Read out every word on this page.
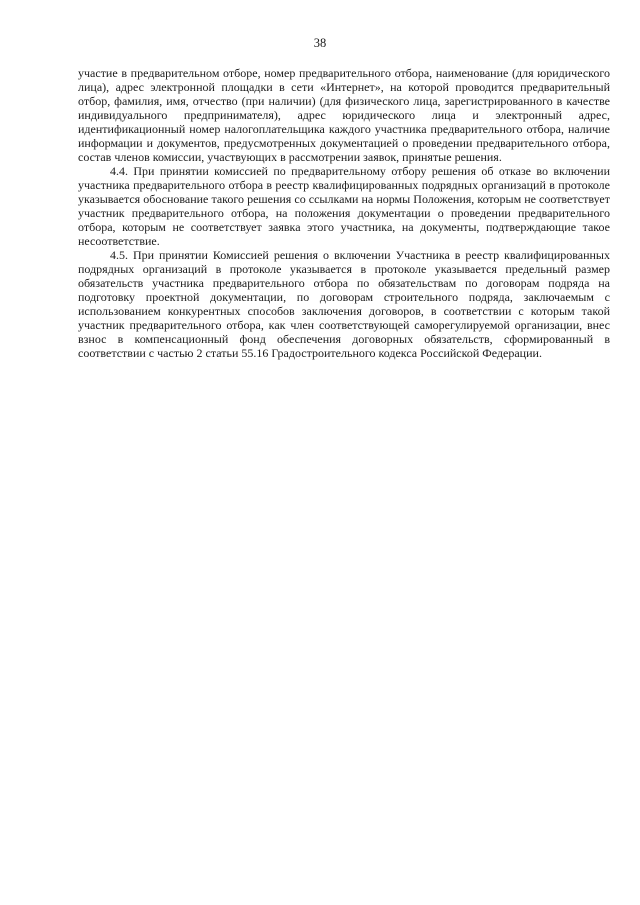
38

участие в предварительном отборе, номер предварительного отбора, наименование (для юридического лица), адрес электронной площадки в сети «Интернет», на которой проводится предварительный отбор, фамилия, имя, отчество (при наличии) (для физического лица, зарегистрированного в качестве индивидуального предпринимателя), адрес юридического лица и электронный адрес, идентификационный номер налогоплательщика каждого участника предварительного отбора, наличие информации и документов, предусмотренных документацией о проведении предварительного отбора, состав членов комиссии, участвующих в рассмотрении заявок, принятые решения.

4.4. При принятии комиссией по предварительному отбору решения об отказе во включении участника предварительного отбора в реестр квалифицированных подрядных организаций в протоколе указывается обоснование такого решения со ссылками на нормы Положения, которым не соответствует участник предварительного отбора, на положения документации о проведении предварительного отбора, которым не соответствует заявка этого участника, на документы, подтверждающие такое несоответствие.

4.5. При принятии Комиссией решения о включении Участника в реестр квалифицированных подрядных организаций в протоколе указывается в протоколе указывается предельный размер обязательств участника предварительного отбора по обязательствам по договорам подряда на подготовку проектной документации, по договорам строительного подряда, заключаемым с использованием конкурентных способов заключения договоров, в соответствии с которым такой участник предварительного отбора, как член соответствующей саморегулируемой организации, внес взнос в компенсационный фонд обеспечения договорных обязательств, сформированный в соответствии с частью 2 статьи 55.16 Градостроительного кодекса Российской Федерации.
